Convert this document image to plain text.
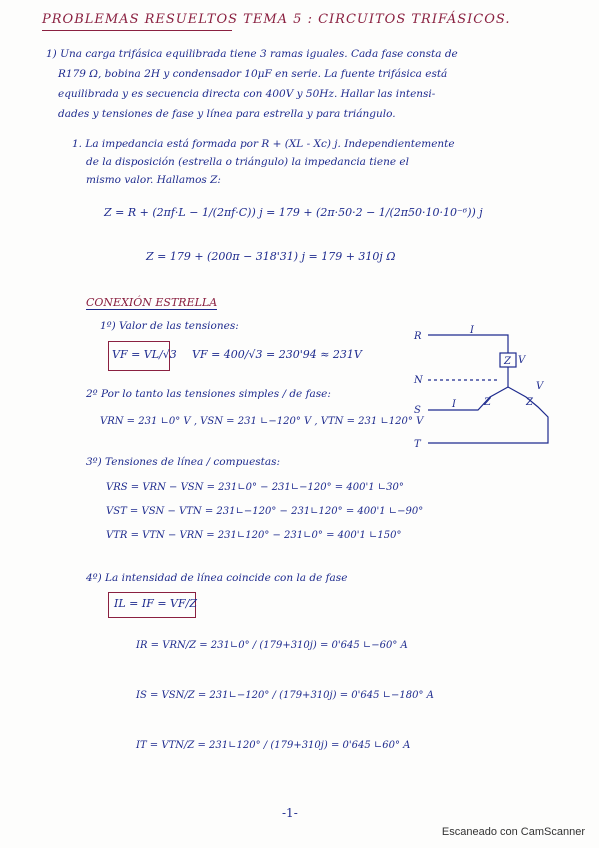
PROBLEMAS RESUELTOS TEMA 5 : CIRCUITOS TRIFÁSICOS.
1) Una carga trifásica equilibrada tiene 3 ramas iguales. Cada fase consta de
R179 Ω, bobina 2H y condensador 10μF en serie. La fuente trifásica está
equilibrada y es secuencia directa con 400V y 50Hz. Hallar las intensi-
dades y tensiones de fase y línea para estrella y para triángulo.
1. La impedancia está formada por R + (XL - Xc) j. Independientemente
de la disposición (estrella o triángulo) la impedancia tiene el
mismo valor. Hallamos Z:
Z = R + (2πf·L − 1/(2πf·C)) j = 179 + (2π·50·2 − 1/(2π50·10·10⁻⁶)) j
Z = 179 + (200π − 318'31) j = 179 + 310j Ω
CONEXIÓN ESTRELLA
1º) Valor de las tensiones:
VF = VL/√3 VF = 400/√3 = 230'94 ≈ 231V
2º Por lo tanto las tensiones simples / de fase:
VRN = 231 ∟0° V , VSN = 231 ∟−120° V , VTN = 231 ∟120° V
3º) Tensiones de línea / compuestas:
VRS = VRN − VSN = 231∟0° − 231∟−120° = 400'1 ∟30°
VST = VSN − VTN = 231∟−120° − 231∟120° = 400'1 ∟−90°
VTR = VTN − VRN = 231∟120° − 231∟0° = 400'1 ∟150°
4º) La intensidad de línea coincide con la de fase
IL = IF = VF/Z
IR = VRN/Z = 231∟0° / (179+310j) = 0'645 ∟−60° A
IS = VSN/Z = 231∟−120° / (179+310j) = 0'645 ∟−180° A
IT = VTN/Z = 231∟120° / (179+310j) = 0'645 ∟60° A
R
N
S
T
I
I
Z
Z	Z
V
V
-1-
Escaneado con CamScanner
